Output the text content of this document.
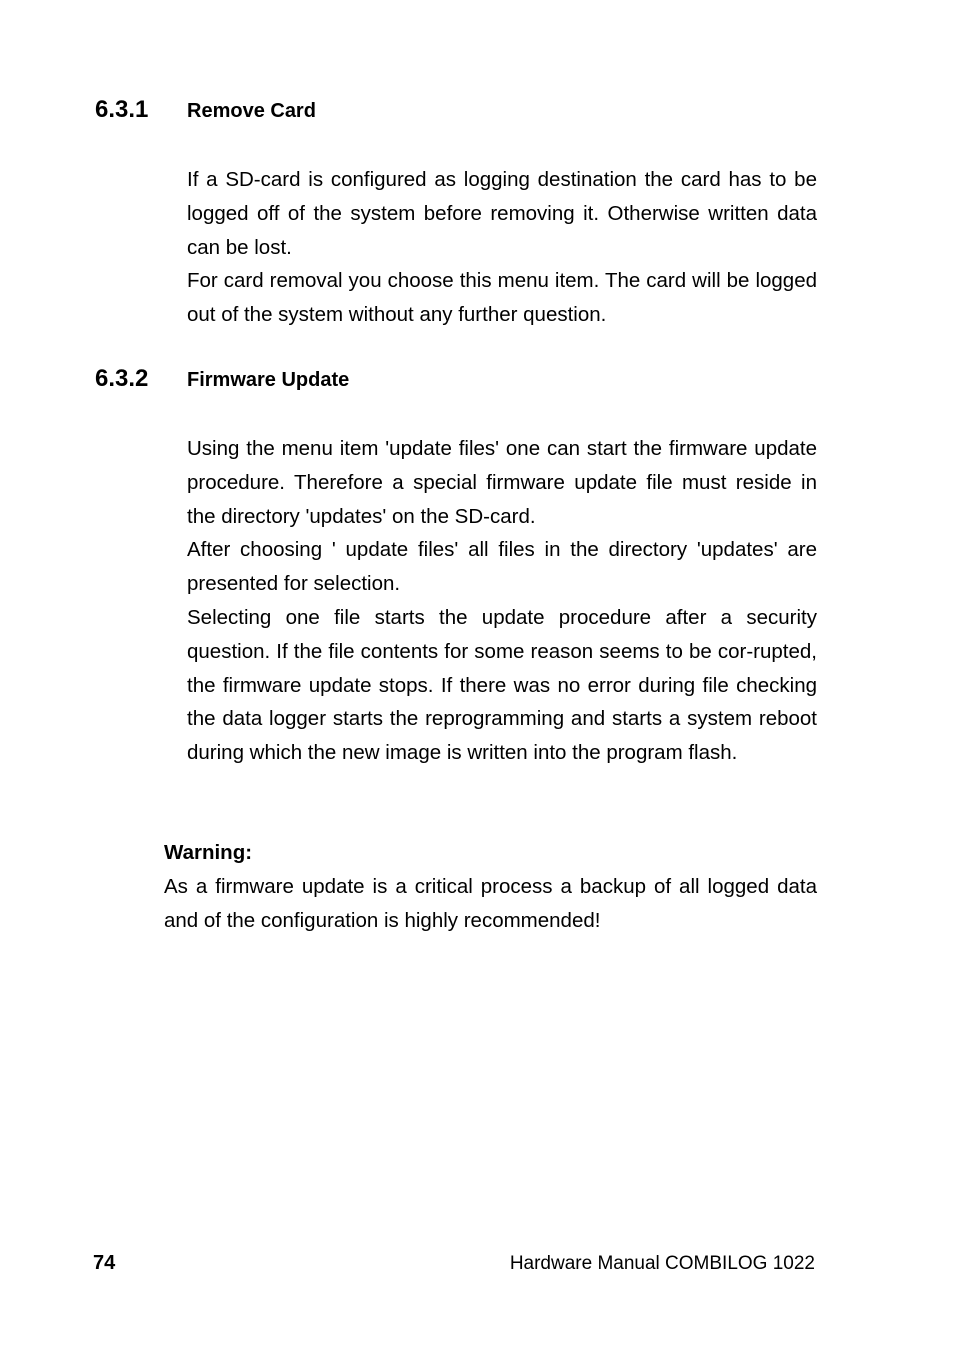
6.3.1	Remove Card

If a SD-card is configured as logging destination the card has to be logged off of the system before removing it. Otherwise written data can be lost.

For card removal you choose this menu item. The card will be logged out of the system without any further question.

6.3.2	Firmware Update

Using the menu item 'update files' one can start the firmware update procedure. Therefore a special firmware update file must reside in the directory 'updates' on the SD-card.

After choosing ' update files' all files in the directory 'updates' are presented for selection.

Selecting one file starts the update procedure after a security question. If the file contents for some reason seems to be cor-rupted, the firmware update stops. If there was no error during file checking the data logger starts the reprogramming and starts a system reboot during which the new image is written into the program flash.

Warning:

As a firmware update is a critical process a backup of all logged data and of the configuration is highly recommended!

74	Hardware Manual COMBILOG 1022
